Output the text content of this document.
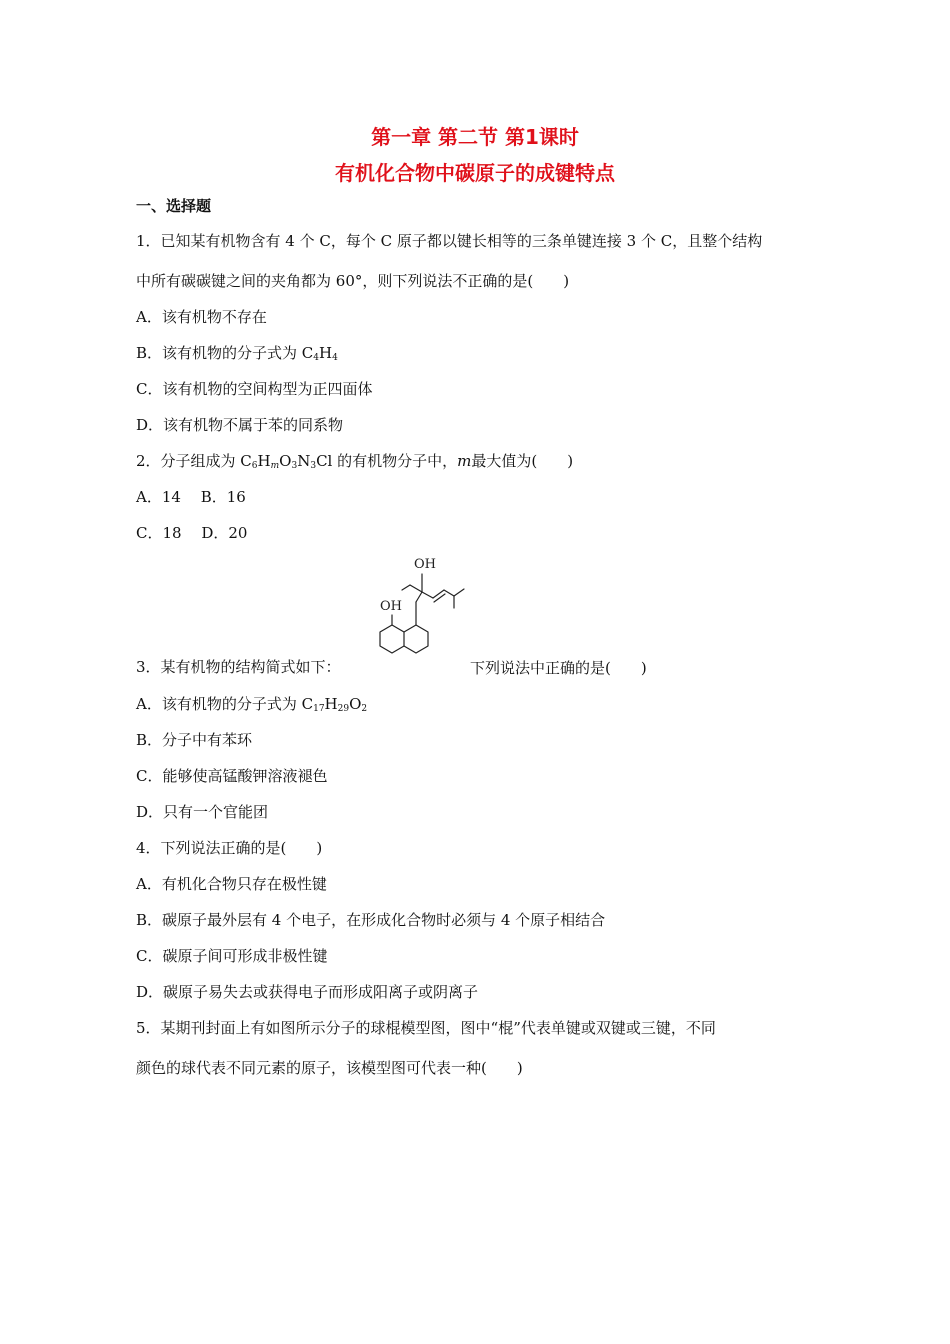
第一章 第二节 第1课时
有机化合物中碳原子的成键特点
一、选择题
1．已知某有机物含有 4 个 C，每个 C 原子都以键长相等的三条单键连接 3 个 C，且整个结构
中所有碳碳键之间的夹角都为 60°，则下列说法不正确的是(　　)
A．该有机物不存在
B．该有机物的分子式为 $C_4H_4$
C．该有机物的空间构型为正四面体
D．该有机物不属于苯的同系物
2．分子组成为 $C_6H_mO_3N_3Cl$ 的有机物分子中，m最大值为(　　)
A．14　 B．16
C．18　 D．20
OH
OH
3．某有机物的结构简式如下：	下列说法中正确的是(　　)
A．该有机物的分子式为 $C_{17}H_{29}O_2$
B．分子中有苯环
C．能够使高锰酸钾溶液褪色
D．只有一个官能团
4．下列说法正确的是(　　)
A．有机化合物只存在极性键
B．碳原子最外层有 4 个电子，在形成化合物时必须与 4 个原子相结合
C．碳原子间可形成非极性键
D．碳原子易失去或获得电子而形成阳离子或阴离子
5．某期刊封面上有如图所示分子的球棍模型图，图中“棍”代表单键或双键或三键，不同
颜色的球代表不同元素的原子，该模型图可代表一种(　　)
